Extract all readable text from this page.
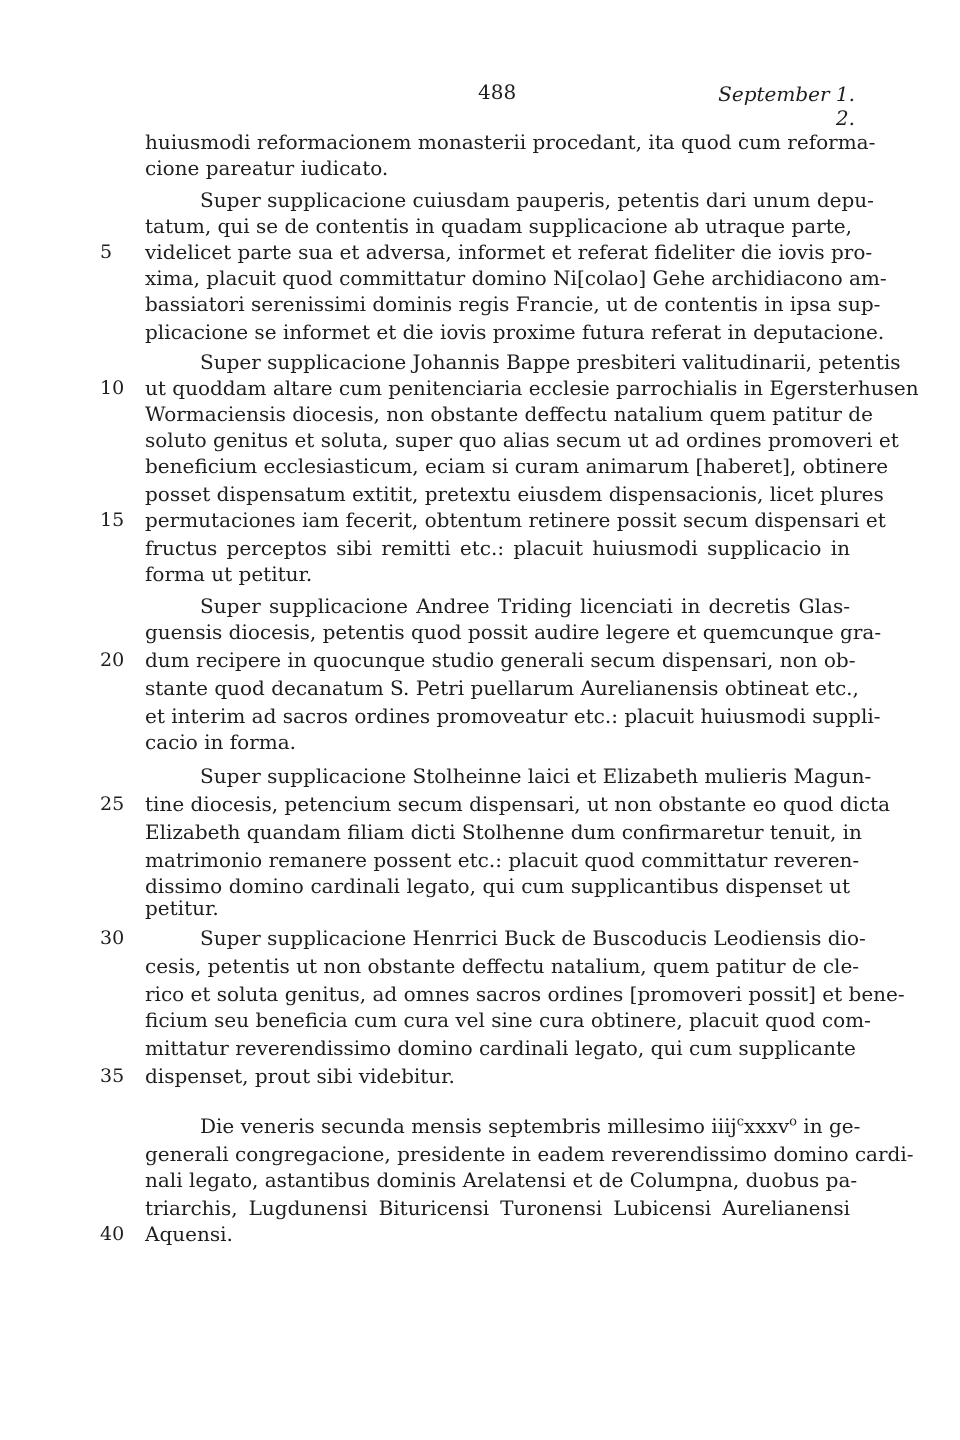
488	September 1. 2.
huiusmodi reformacionem monasterii procedant, ita quod cum reforma-
cione pareatur iudicato.
Super supplicacione cuiusdam pauperis, petentis dari unum depu-
tatum, qui se de contentis in quadam supplicacione ab utraque parte,
videlicet parte sua et adversa, informet et referat fideliter die iovis pro-
xima, placuit quod committatur domino Ni[colao] Gehe archidiacono am-
bassiatori serenissimi dominis regis Francie, ut de contentis in ipsa sup-
plicacione se informet et die iovis proxime futura referat in deputacione.
Super supplicacione Johannis Bappe presbiteri valitudinarii, petentis
ut quoddam altare cum penitenciaria ecclesie parrochialis in Egersterhusen
Wormaciensis diocesis, non obstante deffectu natalium quem patitur de
soluto genitus et soluta, super quo alias secum ut ad ordines promoveri et
beneficium ecclesiasticum, eciam si curam animarum [haberet], obtinere
posset dispensatum extitit, pretextu eiusdem dispensacionis, licet plures
permutaciones iam fecerit, obtentum retinere possit secum dispensari et
fructus perceptos sibi remitti etc.: placuit huiusmodi supplicacio in
forma ut petitur.
Super supplicacione Andree Triding licenciati in decretis Glas-
guensis diocesis, petentis quod possit audire legere et quemcunque gra-
dum recipere in quocunque studio generali secum dispensari, non ob-
stante quod decanatum S. Petri puellarum Aurelianensis obtineat etc.,
et interim ad sacros ordines promoveatur etc.: placuit huiusmodi suppli-
cacio in forma.
Super supplicacione Stolheinne laici et Elizabeth mulieris Magun-
tine diocesis, petencium secum dispensari, ut non obstante eo quod dicta
Elizabeth quandam filiam dicti Stolhenne dum confirmaretur tenuit, in
matrimonio remanere possent etc.: placuit quod committatur reveren-
dissimo domino cardinali legato, qui cum supplicantibus dispenset ut
petitur.
Super supplicacione Henrrici Buck de Buscoducis Leodiensis dio-
cesis, petentis ut non obstante deffectu natalium, quem patitur de cle-
rico et soluta genitus, ad omnes sacros ordines [promoveri possit] et bene-
ficium seu beneficia cum cura vel sine cura obtinere, placuit quod com-
mittatur reverendissimo domino cardinali legato, qui cum supplicante
dispenset, prout sibi videbitur.
Die veneris secunda mensis septembris millesimo iiij$^c$xxxv$^o$ in ge-
generali congregacione, presidente in eadem reverendissimo domino cardi-
nali legato, astantibus dominis Arelatensi et de Columpna, duobus pa-
triarchis, Lugdunensi Bituricensi Turonensi Lubicensi Aurelianensi
Aquensi.
5
10
15
20
25
30
35
40
